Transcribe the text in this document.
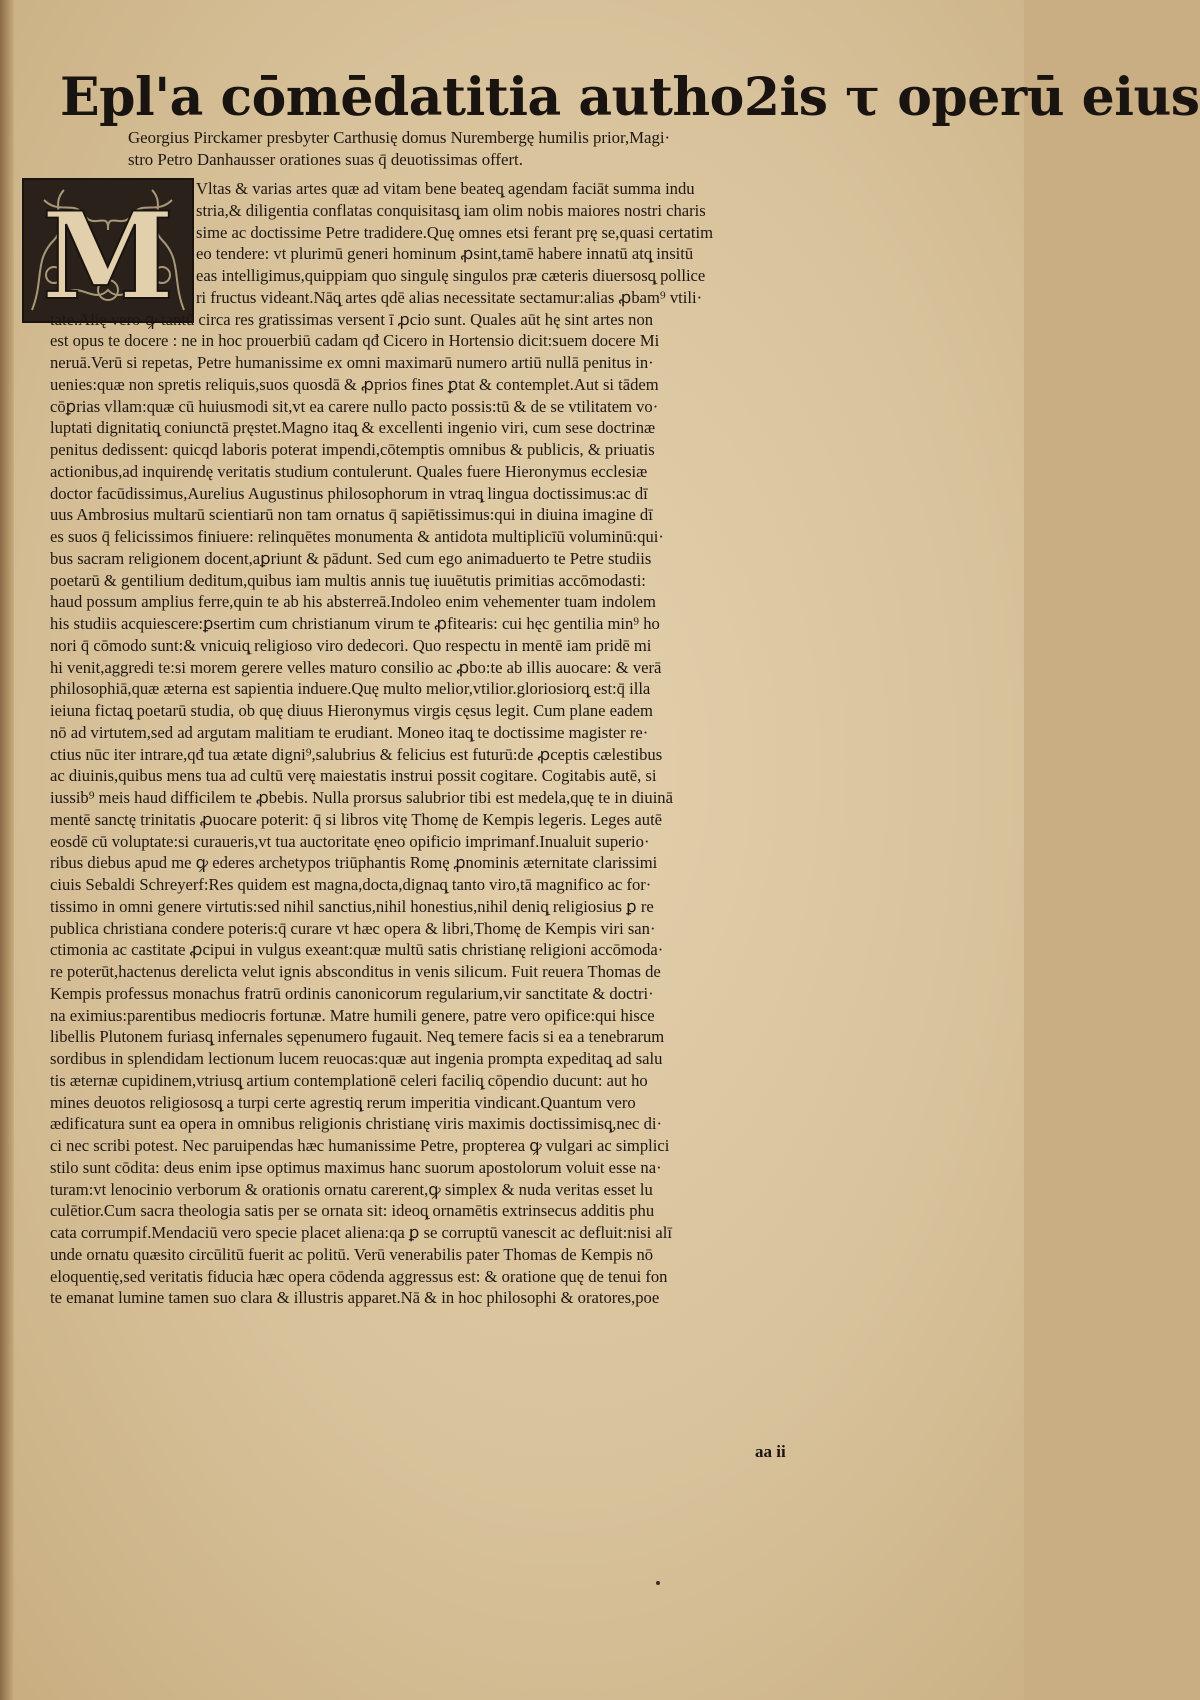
Epl'a cōmēdatitia autho2is τ operū eius
Georgius Pirckamer presbyter Carthusię domus Nurembergę humilis prior,Magi·
stro Petro Danhausser orationes suas q̄ deuotissimas offert.
M	Vltas & varias artes quæ ad vitam bene beateq̨ agendam faciāt summa indu
stria,& diligentia conflatas conquisitasq̨ iam olim nobis maiores nostri charis
sime ac doctissime Petre tradidere.Quę omnes etsi ferant prę se,quasi certatim
eo tendere: vt plurimū generi hominum ꝓsint,tamē habere innatū atq̨ insitū
eas intelligimus,quippiam quo singulę singulos præ cæteris diuersosq̨ pollice
ri fructus videant.Nāq̨ artes qdē alias necessitate sectamur:alias ꝓbam⁹ vtili·
tate.Alię vero ꝙ tantū circa res gratissimas versent ī ꝓcio sunt. Quales aūt hę sint artes non
est opus te docere : ne in hoc prouerbiū cadam qđ Cicero in Hortensio dicit:suem docere Mi
neruā.Verū si repetas, Petre humanissime ex omni maximarū numero artiū nullā penitus in·
uenies:quæ non spretis reliquis,suos quosdā & ꝓprios fines ꝑtat & contemplet.Aut si tādem
cōꝑrias vllam:quæ cū huiusmodi sit,vt ea carere nullo pacto possis:tū & de se vtilitatem vo·
luptati dignitatiq̨ coniunctā pręstet.Magno itaq̨ & excellenti ingenio viri, cum sese doctrinæ
penitus dedissent: quicqd laboris poterat impendi,cōtemptis omnibus & publicis, & priuatis
actionibus,ad inquirendę veritatis studium contulerunt. Quales fuere Hieronymus ecclesiæ
doctor facūdissimus,Aurelius Augustinus philosophorum in vtraq̨ lingua doctissimus:ac dī
uus Ambrosius multarū scientiarū non tam ornatus q̄ sapiētissimus:qui in diuina imagine dī
es suos q̄ felicissimos finiuere: relinquētes monumenta & antidota multiplicīū voluminū:qui·
bus sacram religionem docent,aꝑriunt & pādunt. Sed cum ego animaduerto te Petre studiis
poetarū & gentilium deditum,quibus iam multis annis tuę iuuētutis primitias accōmodasti:
haud possum amplius ferre,quin te ab his absterreā.Indoleo enim vehementer tuam indolem
his studiis acquiescere:ꝑsertim cum christianum virum te ꝓfitearis: cui hęc gentilia min⁹ ho
nori q̄ cōmodo sunt:& vnicuiq̨ religioso viro dedecori. Quo respectu in mentē iam pridē mi
hi venit,aggredi te:si morem gerere velles maturo consilio ac ꝓbo:te ab illis auocare: & verā
philosophiā,quæ æterna est sapientia induere.Quę multo melior,vtilior.gloriosiorq̨ est:q̄ illa
ieiuna fictaq̨ poetarū studia, ob quę diuus Hieronymus virgis cęsus legit. Cum plane eadem
nō ad virtutem,sed ad argutam malitiam te erudiant. Moneo itaq̨ te doctissime magister re·
ctius nūc iter intrare,qđ tua ætate digni⁹,salubrius & felicius est futurū:de ꝓceptis cælestibus
ac diuinis,quibus mens tua ad cultū verę maiestatis instrui possit cogitare. Cogitabis autē, si
iussib⁹ meis haud difficilem te ꝓbebis. Nulla prorsus salubrior tibi est medela,quę te in diuinā
mentē sanctę trinitatis ꝓuocare poterit: q̄ si libros vitę Thomę de Kempis legeris. Leges autē
eosdē cū voluptate:si curaueris,vt tua auctoritate ęneo opificio imprimanf.Inualuit superio·
ribus diebus apud me ꝙ ederes archetypos triūphantis Romę ꝓnominis æternitate clarissimi
ciuis Sebaldi Schreyerf:Res quidem est magna,docta,dignaq̨ tanto viro,tā magnifico ac for·
tissimo in omni genere virtutis:sed nihil sanctius,nihil honestius,nihil deniq̨ religiosius ꝑ re
publica christiana condere poteris:q̄ curare vt hæc opera & libri,Thomę de Kempis viri san·
ctimonia ac castitate ꝓcipui in vulgus exeant:quæ multū satis christianę religioni accōmoda·
re poterūt,hactenus derelicta velut ignis absconditus in venis silicum. Fuit reuera Thomas de
Kempis professus monachus fratrū ordinis canonicorum regularium,vir sanctitate & doctri·
na eximius:parentibus mediocris fortunæ. Matre humili genere, patre vero opifice:qui hisce
libellis Plutonem furiasq̨ infernales sępenumero fugauit. Neq̨ temere facis si ea a tenebrarum
sordibus in splendidam lectionum lucem reuocas:quæ aut ingenia prompta expeditaq̨ ad salu
tis æternæ cupidinem,vtriusq̨ artium contemplationē celeri faciliq̨ cōpendio ducunt: aut ho
mines deuotos religiososq̨ a turpi certe agrestiq̨ rerum imperitia vindicant.Quantum vero
ædificatura sunt ea opera in omnibus religionis christianę viris maximis doctissimisq̨,nec di·
ci nec scribi potest. Nec paruipendas hæc humanissime Petre, propterea ꝙ vulgari ac simplici
stilo sunt cōdita: deus enim ipse optimus maximus hanc suorum apostolorum voluit esse na·
turam:vt lenocinio verborum & orationis ornatu carerent,ꝙ simplex & nuda veritas esset lu
culētior.Cum sacra theologia satis per se ornata sit: ideoq̨ ornamētis extrinsecus additis phu
cata corrumpif.Mendaciū vero specie placet aliena:qa ꝑ se corruptū vanescit ac defluit:nisi alī
unde ornatu quæsito circūlitū fuerit ac politū. Verū venerabilis pater Thomas de Kempis nō
eloquentię,sed veritatis fiducia hæc opera cōdenda aggressus est: & oratione quę de tenui fon
te emanat lumine tamen suo clara & illustris apparet.Nā & in hoc philosophi & oratores,poe
aa ii
